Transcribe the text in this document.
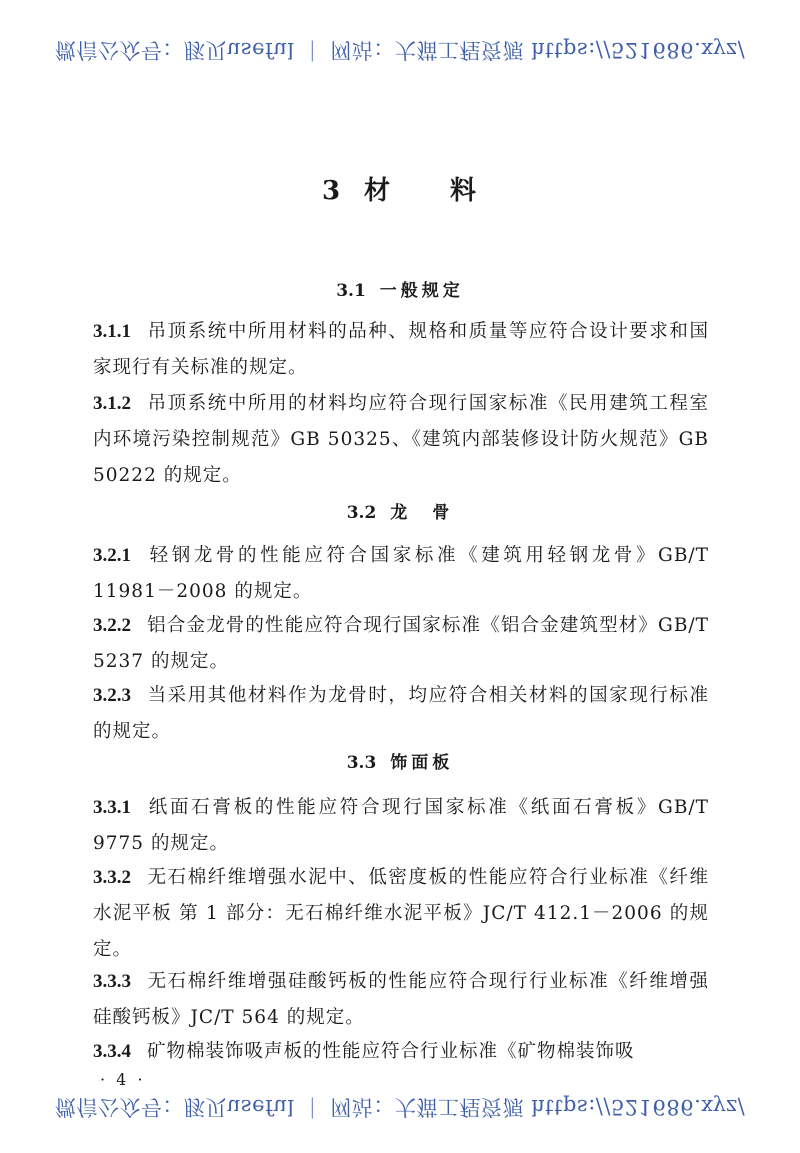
微信公众号：豚贝useful ｜ 网站：大猫工程资源 https://521686.xyz/
3 材 料
3.1 一般规定
3.1.1 吊顶系统中所用材料的品种、规格和质量等应符合设计要求和国家现行有关标准的规定。
3.1.2 吊顶系统中所用的材料均应符合现行国家标准《民用建筑工程室内环境污染控制规范》GB 50325、《建筑内部装修设计防火规范》GB 50222 的规定。
3.2 龙　骨
3.2.1 轻钢龙骨的性能应符合国家标准《建筑用轻钢龙骨》GB/T 11981－2008 的规定。
3.2.2 铝合金龙骨的性能应符合现行国家标准《铝合金建筑型材》GB/T 5237 的规定。
3.2.3 当采用其他材料作为龙骨时，均应符合相关材料的国家现行标准的规定。
3.3 饰面板
3.3.1 纸面石膏板的性能应符合现行国家标准《纸面石膏板》GB/T 9775 的规定。
3.3.2 无石棉纤维增强水泥中、低密度板的性能应符合行业标准《纤维水泥平板 第 1 部分：无石棉纤维水泥平板》JC/T 412.1－2006 的规定。
3.3.3 无石棉纤维增强硅酸钙板的性能应符合现行行业标准《纤维增强硅酸钙板》JC/T 564 的规定。
3.3.4 矿物棉装饰吸声板的性能应符合行业标准《矿物棉装饰吸
· 4 ·
微信公众号：豚贝useful ｜ 网站：大猫工程资源 https://521686.xyz/
